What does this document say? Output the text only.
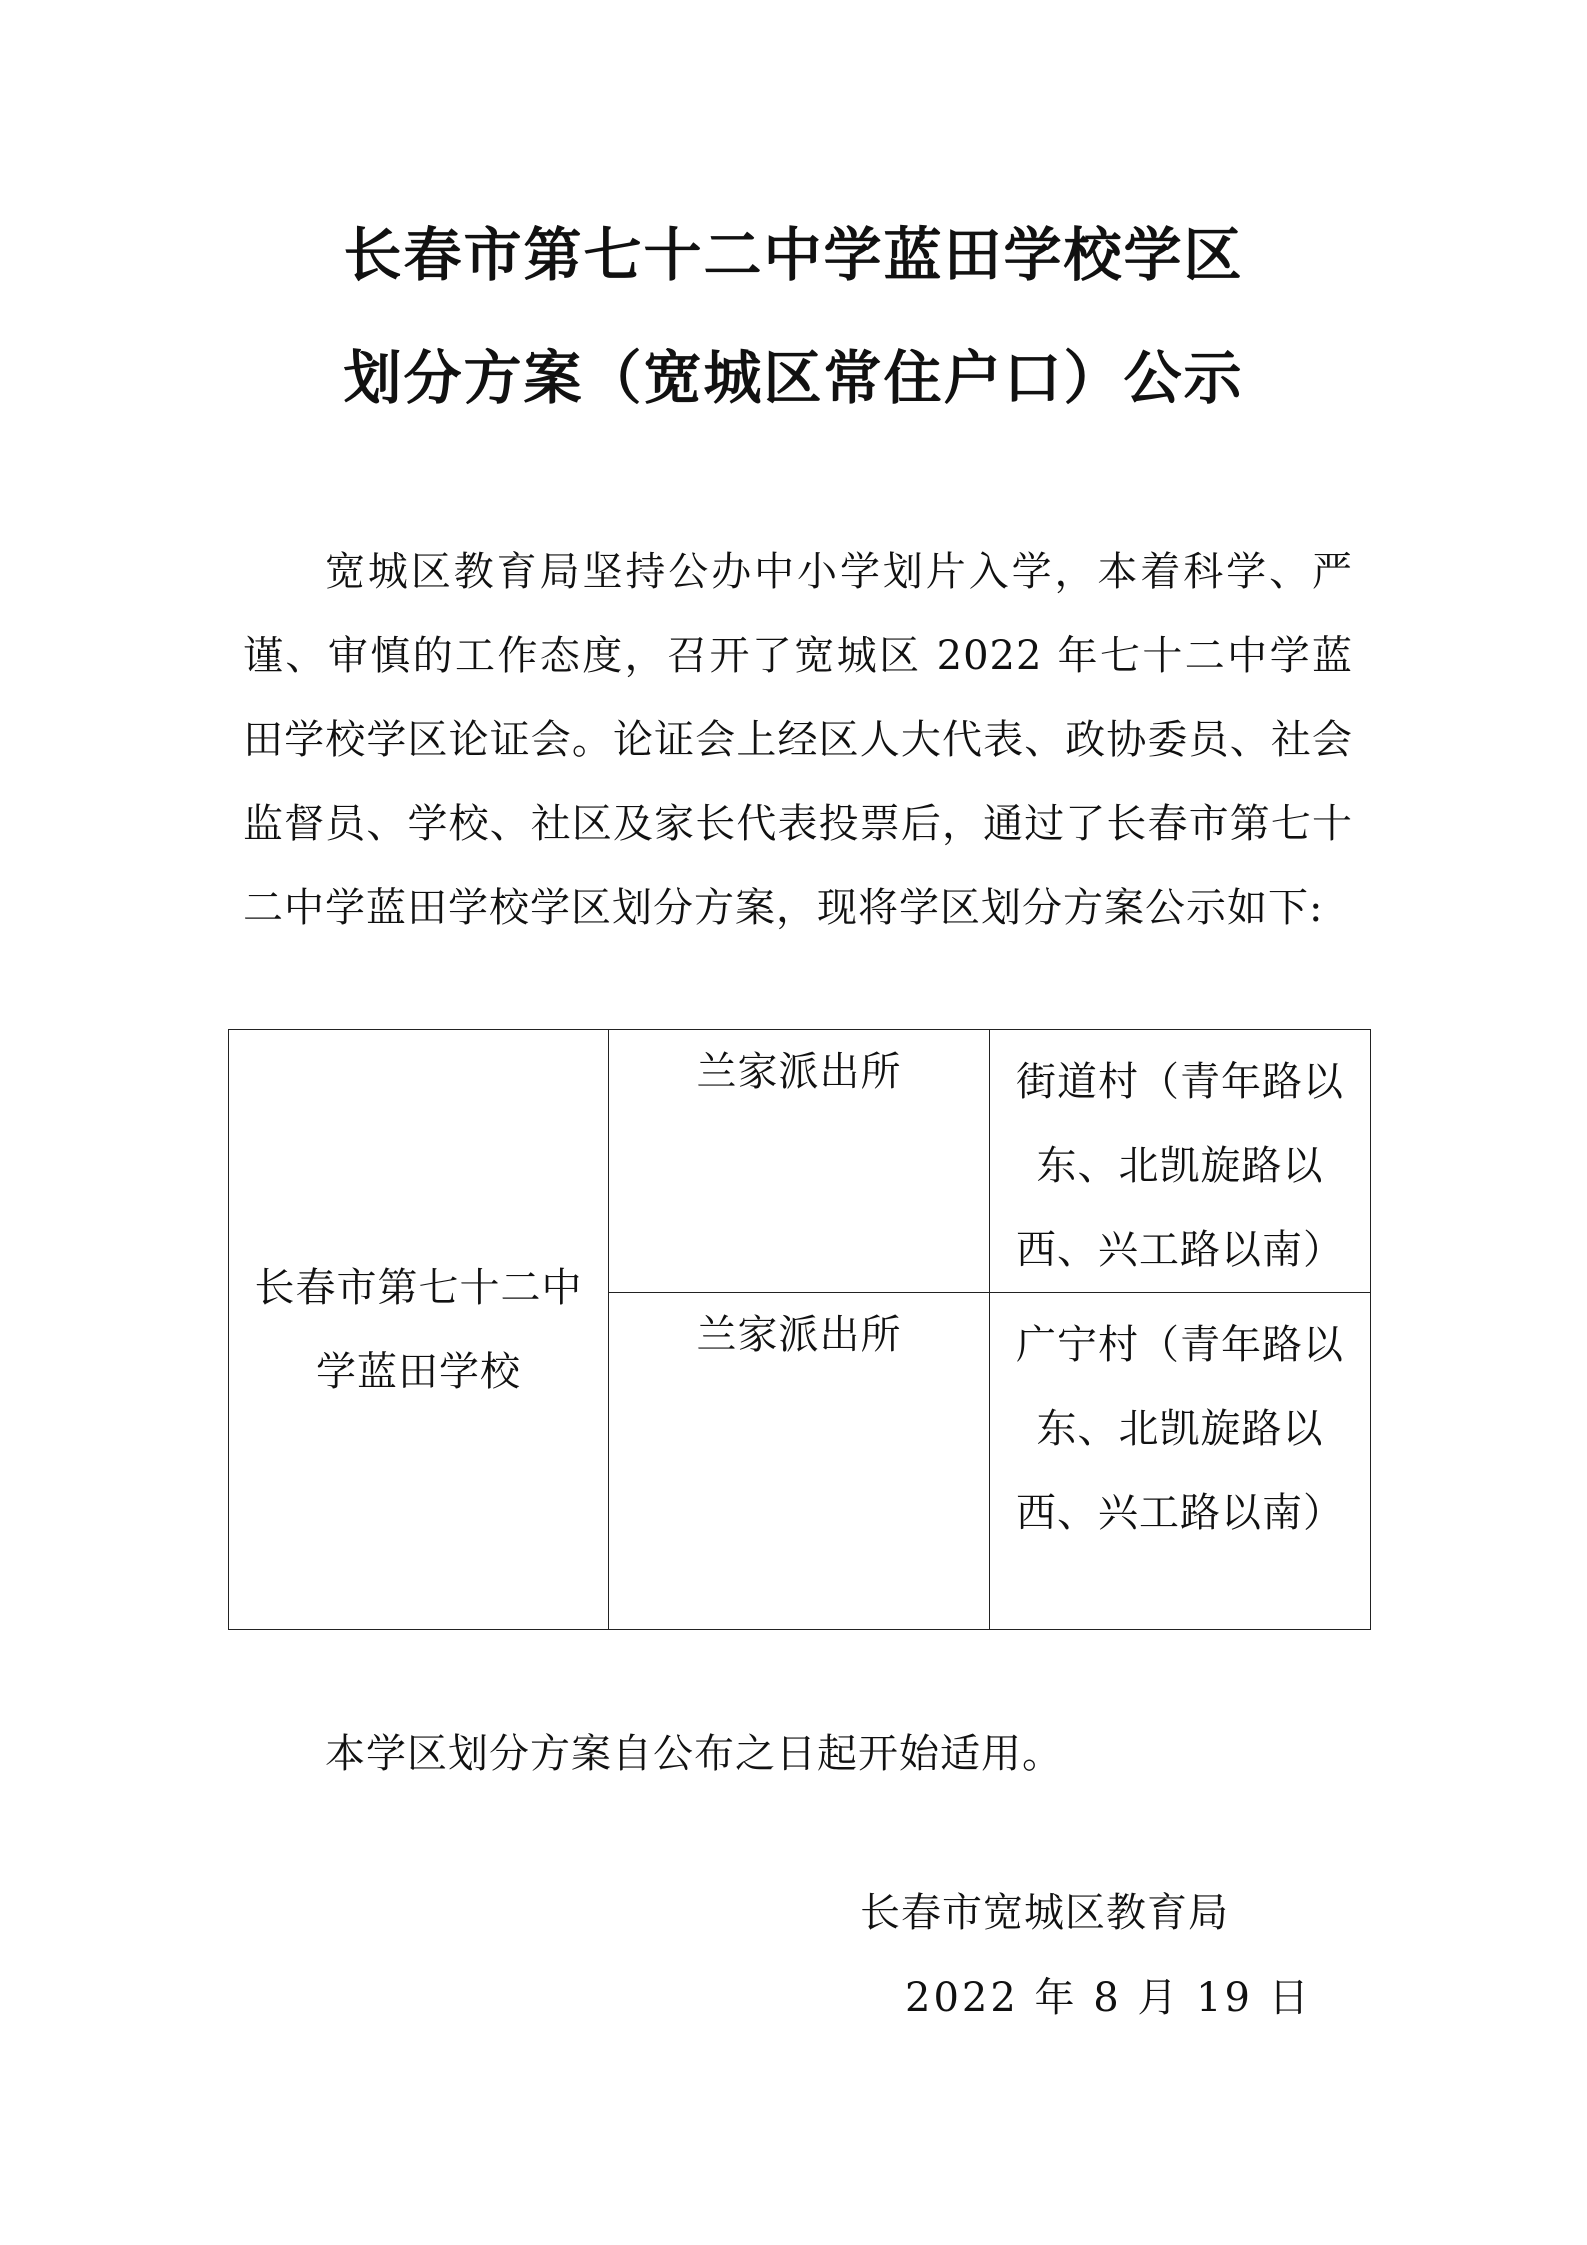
长春市第七十二中学蓝田学校学区
划分方案（宽城区常住户口）公示

宽城区教育局坚持公办中小学划片入学，本着科学、严谨、审慎的工作态度，召开了宽城区 2022 年七十二中学蓝田学校学区论证会。论证会上经区人大代表、政协委员、社会监督员、学校、社区及家长代表投票后，通过了长春市第七十二中学蓝田学校学区划分方案，现将学区划分方案公示如下:

长春市第七十二中学蓝田学校	兰家派出所	街道村（青年路以东、北凯旋路以西、兴工路以南）
	兰家派出所	广宁村（青年路以东、北凯旋路以西、兴工路以南）

本学区划分方案自公布之日起开始适用。

长春市宽城区教育局

2022 年 8 月 19 日
